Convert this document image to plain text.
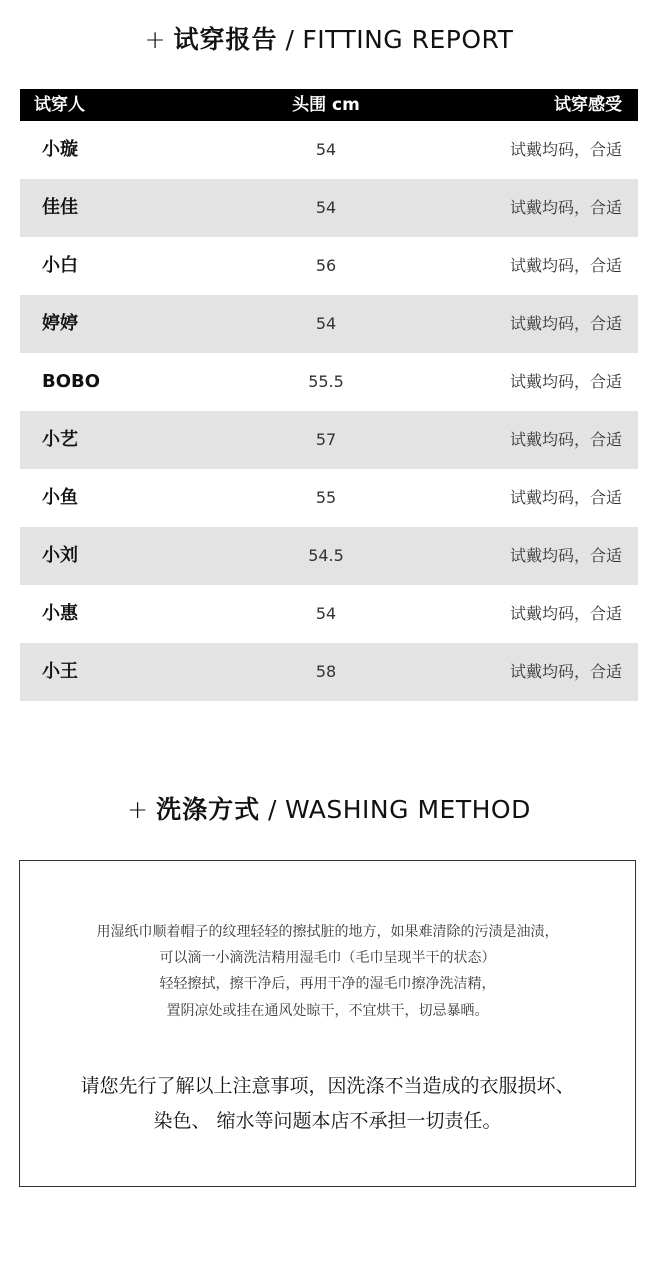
+ 试穿报告 / FITTING REPORT
试穿人	头围 cm	试穿感受
小璇	54	试戴均码，合适
佳佳	54	试戴均码，合适
小白	56	试戴均码，合适
婷婷	54	试戴均码，合适
BOBO	55.5	试戴均码，合适
小艺	57	试戴均码，合适
小鱼	55	试戴均码，合适
小刘	54.5	试戴均码，合适
小惠	54	试戴均码，合适
小王	58	试戴均码，合适
+ 洗涤方式 / WASHING METHOD
用湿纸巾顺着帽子的纹理轻轻的擦拭脏的地方，如果难清除的污渍是油渍，
可以滴一小滴洗洁精用湿毛巾（毛巾呈现半干的状态）
轻轻擦拭，擦干净后，再用干净的湿毛巾擦净洗洁精，
置阴凉处或挂在通风处晾干，不宜烘干，切忌暴晒。
请您先行了解以上注意事项，因洗涤不当造成的衣服损坏、
染色、 缩水等问题本店不承担一切责任。
